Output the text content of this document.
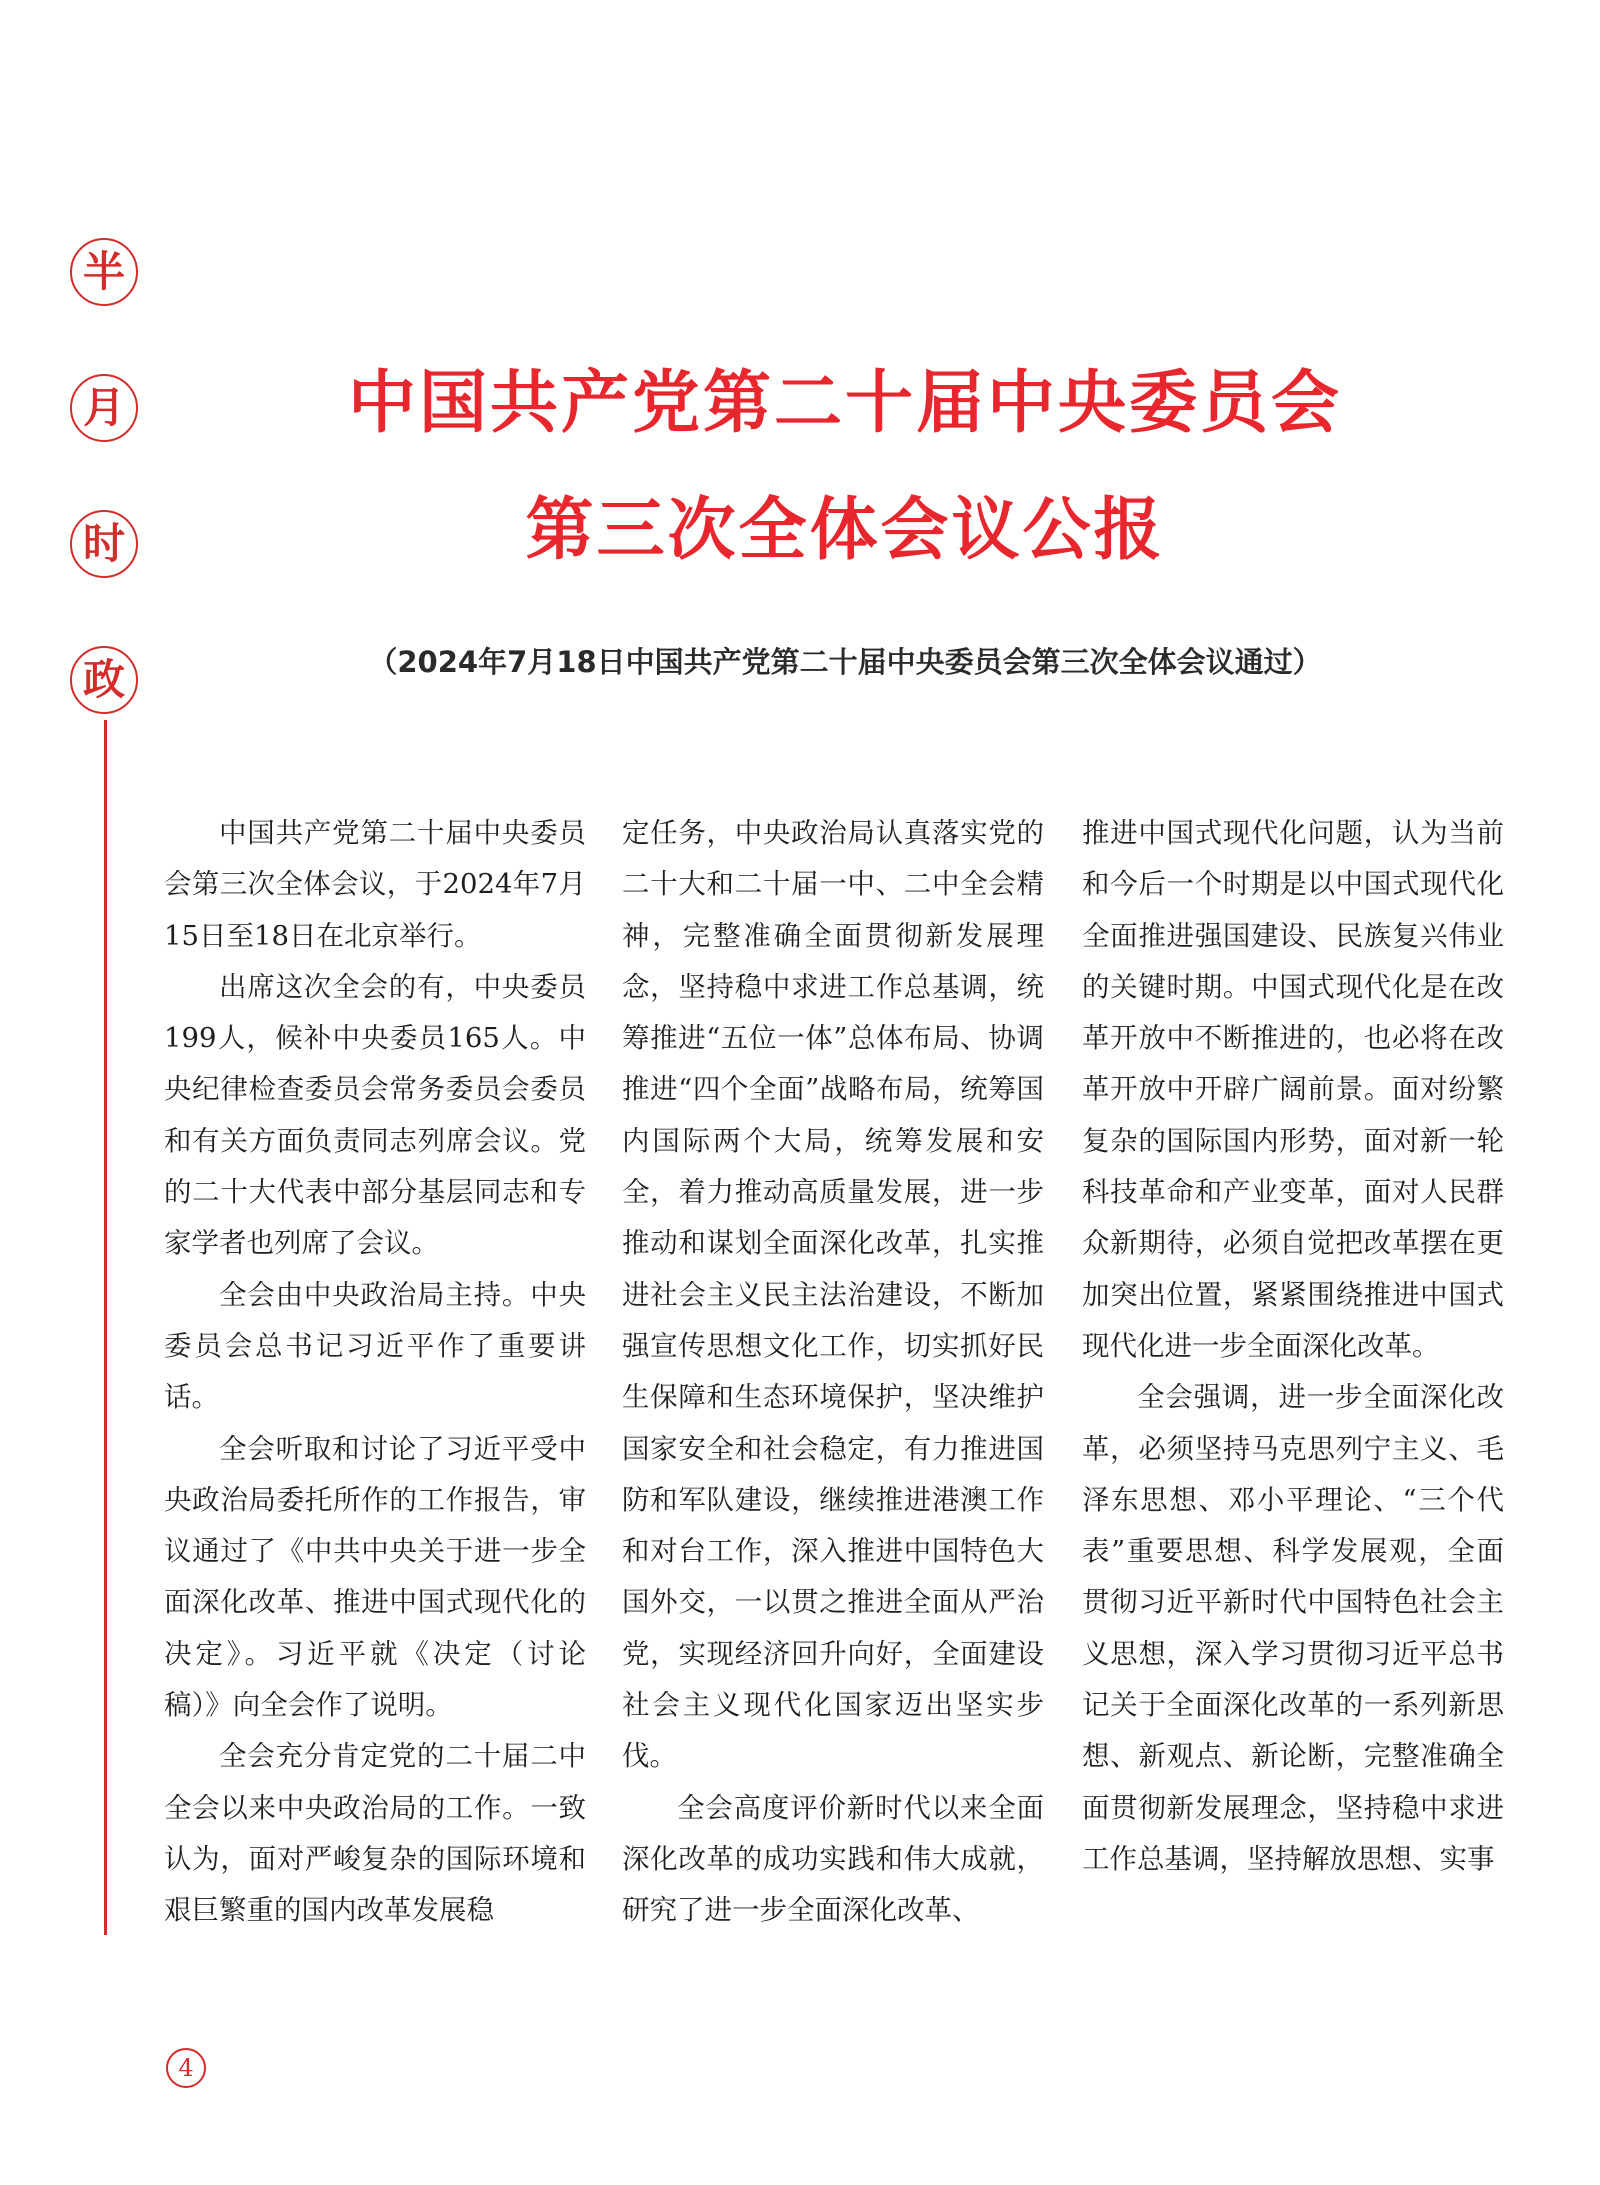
半
月
时
政
中国共产党第二十届中央委员会
第三次全体会议公报
（2024年7月18日中国共产党第二十届中央委员会第三次全体会议通过）

中国共产党第二十届中央委员会第三次全体会议，于2024年7月15日至18日在北京举行。

出席这次全会的有，中央委员199人，候补中央委员165人。中央纪律检查委员会常务委员会委员和有关方面负责同志列席会议。党的二十大代表中部分基层同志和专家学者也列席了会议。

全会由中央政治局主持。中央委员会总书记习近平作了重要讲话。

全会听取和讨论了习近平受中央政治局委托所作的工作报告，审议通过了《中共中央关于进一步全面深化改革、推进中国式现代化的决定》。习近平就《决定（讨论稿）》向全会作了说明。

全会充分肯定党的二十届二中全会以来中央政治局的工作。一致认为，面对严峻复杂的国际环境和艰巨繁重的国内改革发展稳

定任务，中央政治局认真落实党的二十大和二十届一中、二中全会精神，完整准确全面贯彻新发展理念，坚持稳中求进工作总基调，统筹推进“五位一体”总体布局、协调推进“四个全面”战略布局，统筹国内国际两个大局，统筹发展和安全，着力推动高质量发展，进一步推动和谋划全面深化改革，扎实推进社会主义民主法治建设，不断加强宣传思想文化工作，切实抓好民生保障和生态环境保护，坚决维护国家安全和社会稳定，有力推进国防和军队建设，继续推进港澳工作和对台工作，深入推进中国特色大国外交，一以贯之推进全面从严治党，实现经济回升向好，全面建设社会主义现代化国家迈出坚实步伐。

全会高度评价新时代以来全面深化改革的成功实践和伟大成就，研究了进一步全面深化改革、

推进中国式现代化问题，认为当前和今后一个时期是以中国式现代化全面推进强国建设、民族复兴伟业的关键时期。中国式现代化是在改革开放中不断推进的，也必将在改革开放中开辟广阔前景。面对纷繁复杂的国际国内形势，面对新一轮科技革命和产业变革，面对人民群众新期待，必须自觉把改革摆在更加突出位置，紧紧围绕推进中国式现代化进一步全面深化改革。

全会强调，进一步全面深化改革，必须坚持马克思列宁主义、毛泽东思想、邓小平理论、“三个代表”重要思想、科学发展观，全面贯彻习近平新时代中国特色社会主义思想，深入学习贯彻习近平总书记关于全面深化改革的一系列新思想、新观点、新论断，完整准确全面贯彻新发展理念，坚持稳中求进工作总基调，坚持解放思想、实事

4
